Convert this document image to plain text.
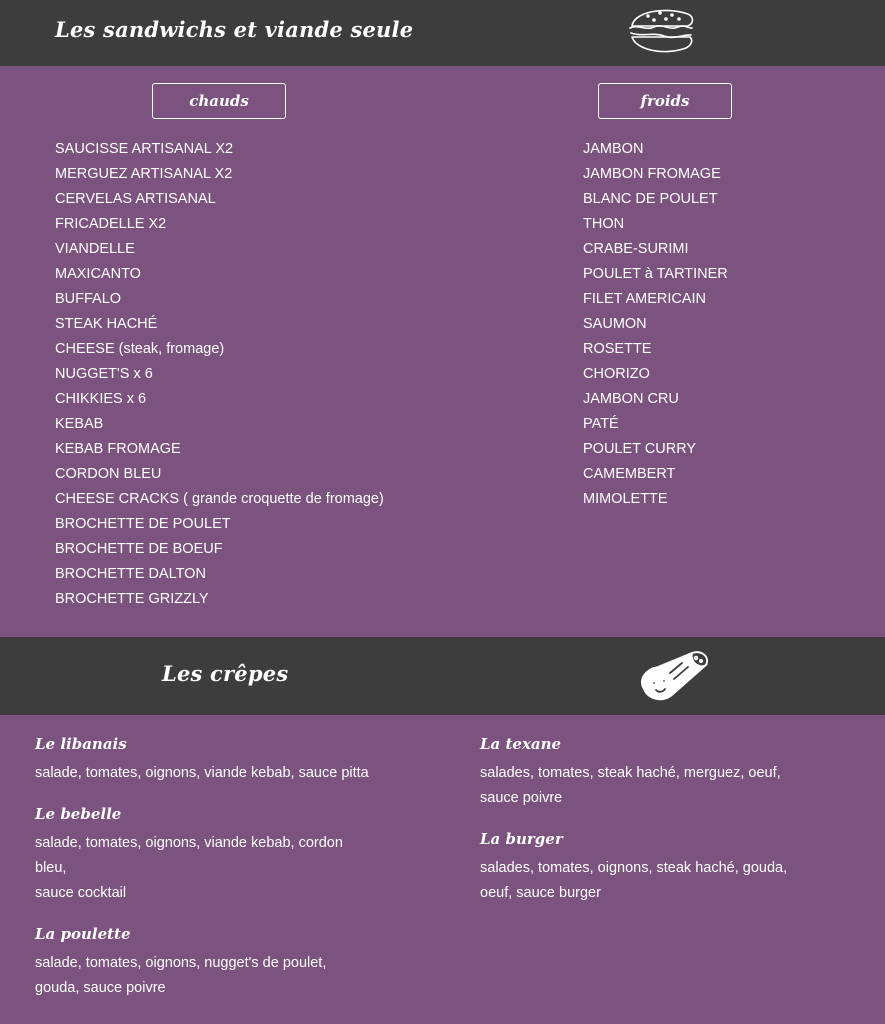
Les sandwichs et viande seule
chauds	froids
SAUCISSE ARTISANAL X2
MERGUEZ ARTISANAL X2
CERVELAS ARTISANAL
FRICADELLE X2
VIANDELLE
MAXICANTO
BUFFALO
STEAK HACHÉ
CHEESE (steak, fromage)
NUGGET'S x 6
CHIKKIES x 6
KEBAB
KEBAB FROMAGE
CORDON BLEU
CHEESE CRACKS ( grande croquette de fromage)
BROCHETTE DE POULET
BROCHETTE DE BOEUF
BROCHETTE DALTON
BROCHETTE GRIZZLY
JAMBON
JAMBON FROMAGE
BLANC DE POULET
THON
CRABE-SURIMI
POULET à TARTINER
FILET AMERICAIN
SAUMON
ROSETTE
CHORIZO
JAMBON CRU
PATÉ
POULET CURRY
CAMEMBERT
MIMOLETTE
Les crêpes
Le libanais
salade, tomates, oignons, viande kebab, sauce pitta
Le bebelle
salade, tomates, oignons, viande kebab, cordon
bleu,
sauce cocktail
La poulette
salade, tomates, oignons, nugget's de poulet,
gouda, sauce poivre
La texane
salades, tomates, steak haché, merguez, oeuf,
sauce poivre
La burger
salades, tomates, oignons, steak haché, gouda,
oeuf, sauce burger
